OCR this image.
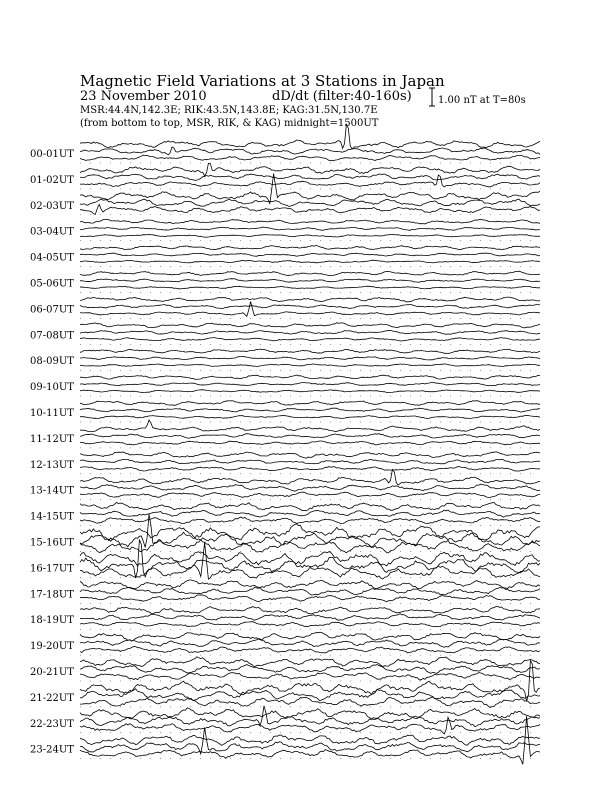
Magnetic Field Variations at 3 Stations in Japan
23 November 2010	dD/dt (filter:40-160s)
MSR:44.4N,142.3E; RIK:43.5N,143.8E; KAG:31.5N,130.7E
(from bottom to top, MSR, RIK, & KAG) midnight=1500UT
1.00 nT at T=80s
00-01UT
01-02UT
02-03UT
03-04UT
04-05UT
05-06UT
06-07UT
07-08UT
08-09UT
09-10UT
10-11UT
11-12UT
12-13UT
13-14UT
14-15UT
15-16UT
16-17UT
17-18UT
18-19UT
19-20UT
20-21UT
21-22UT
22-23UT
23-24UT
